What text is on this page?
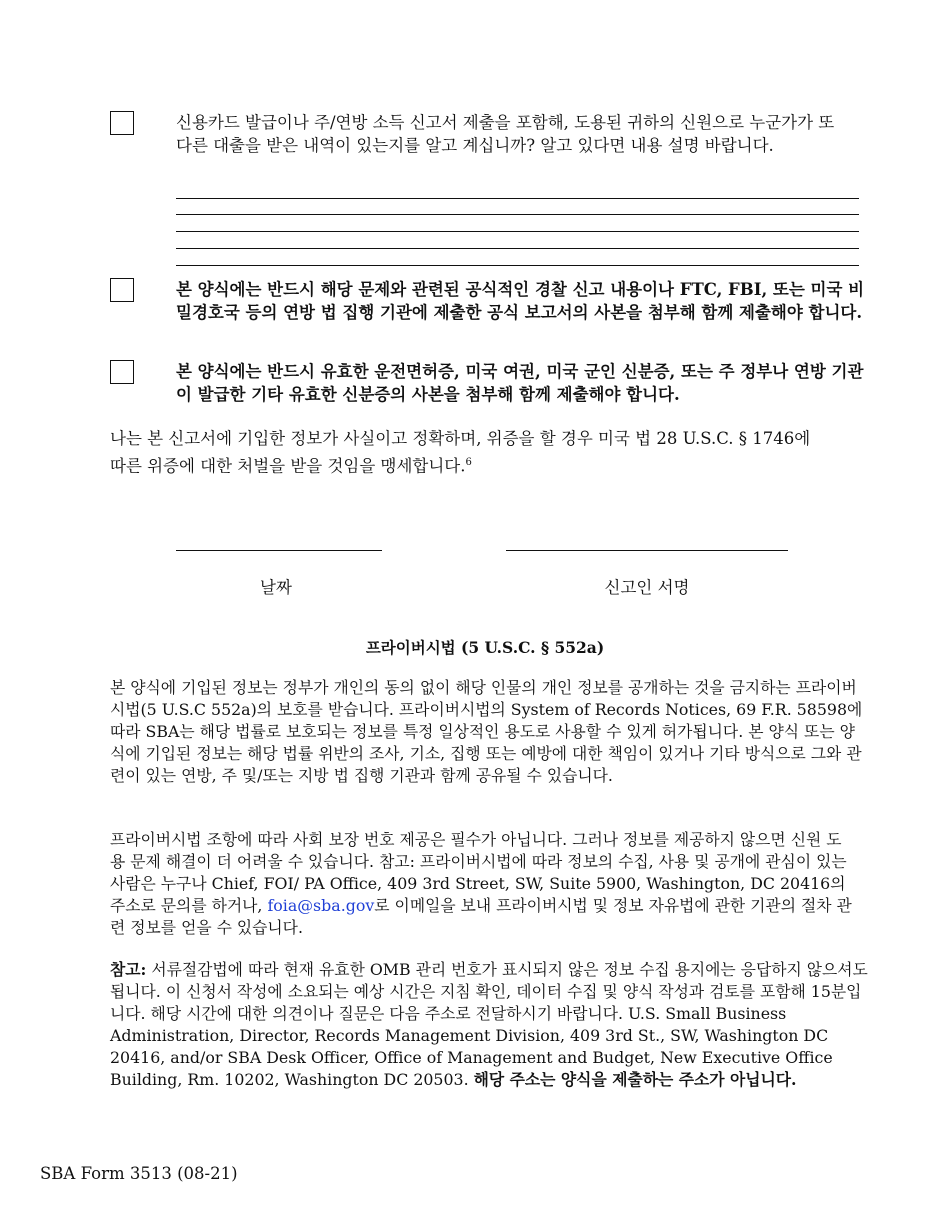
신용카드 발급이나 주/연방 소득 신고서 제출을 포함해, 도용된 귀하의 신원으로 누군가가 또 다른 대출을 받은 내역이 있는지를 알고 계십니까? 알고 있다면 내용 설명 바랍니다.
본 양식에는 반드시 해당 문제와 관련된 공식적인 경찰 신고 내용이나 FTC, FBI, 또는 미국 비밀경호국 등의 연방 법 집행 기관에 제출한 공식 보고서의 사본을 첨부해 함께 제출해야 합니다.
본 양식에는 반드시 유효한 운전면허증, 미국 여권, 미국 군인 신분증, 또는 주 정부나 연방 기관이 발급한 기타 유효한 신분증의 사본을 첨부해 함께 제출해야 합니다.
나는 본 신고서에 기입한 정보가 사실이고 정확하며, 위증을 할 경우 미국 법 28 U.S.C. § 1746에 따른 위증에 대한 처벌을 받을 것임을 맹세합니다.$^6$
날짜	신고인 서명
프라이버시법 (5 U.S.C. § 552a)
본 양식에 기입된 정보는 정부가 개인의 동의 없이 해당 인물의 개인 정보를 공개하는 것을 금지하는 프라이버시법(5 U.S.C 552a)의 보호를 받습니다. 프라이버시법의 System of Records Notices, 69 F.R. 58598에 따라 SBA는 해당 법률로 보호되는 정보를 특정 일상적인 용도로 사용할 수 있게 허가됩니다. 본 양식 또는 양식에 기입된 정보는 해당 법률 위반의 조사, 기소, 집행 또는 예방에 대한 책임이 있거나 기타 방식으로 그와 관련이 있는 연방, 주 및/또는 지방 법 집행 기관과 함께 공유될 수 있습니다.
프라이버시법 조항에 따라 사회 보장 번호 제공은 필수가 아닙니다. 그러나 정보를 제공하지 않으면 신원 도용 문제 해결이 더 어려울 수 있습니다. 참고: 프라이버시법에 따라 정보의 수집, 사용 및 공개에 관심이 있는 사람은 누구나 Chief, FOI/ PA Office, 409 3rd Street, SW, Suite 5900, Washington, DC 20416의 주소로 문의를 하거나, foia@sba.gov로 이메일을 보내 프라이버시법 및 정보 자유법에 관한 기관의 절차 관련 정보를 얻을 수 있습니다.
참고: 서류절감법에 따라 현재 유효한 OMB 관리 번호가 표시되지 않은 정보 수집 용지에는 응답하지 않으셔도 됩니다. 이 신청서 작성에 소요되는 예상 시간은 지침 확인, 데이터 수집 및 양식 작성과 검토를 포함해 15분입니다. 해당 시간에 대한 의견이나 질문은 다음 주소로 전달하시기 바랍니다. U.S. Small Business Administration, Director, Records Management Division, 409 3rd St., SW, Washington DC 20416, and/or SBA Desk Officer, Office of Management and Budget, New Executive Office Building, Rm. 10202, Washington DC 20503. 해당 주소는 양식을 제출하는 주소가 아닙니다.
SBA Form 3513 (08-21)
